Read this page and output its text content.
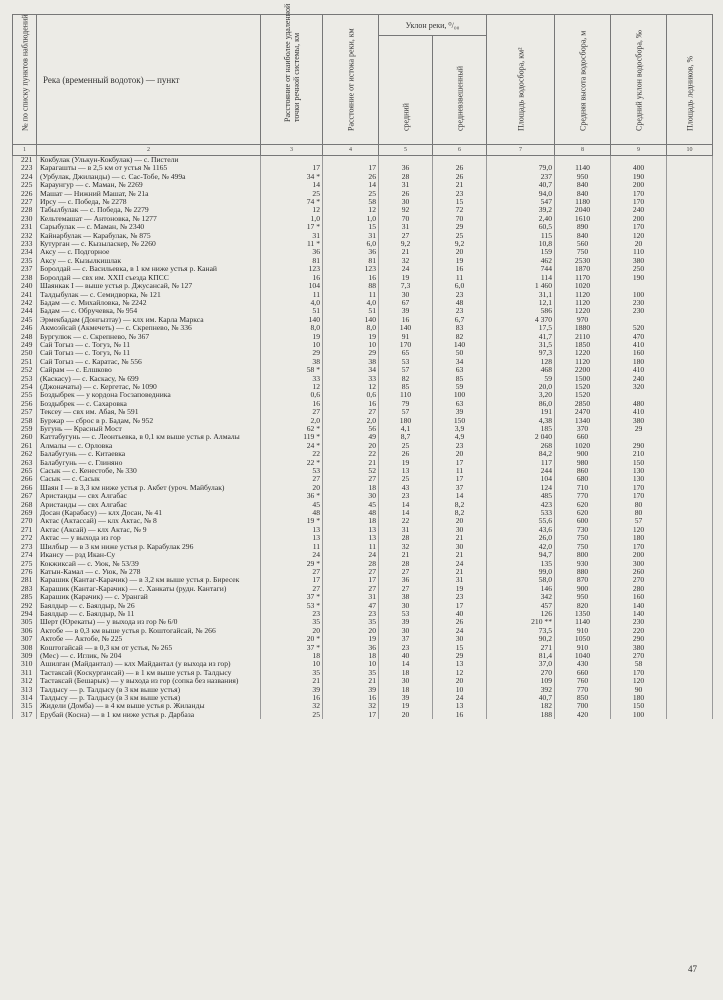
№ по списку пунктов наблюдений	Река (временный водоток) — пункт	Расстояние от наиболее удаленной точки речной системы, км	Расстояние от истока реки, км	Уклон реки, ⁰/₀₀		Площадь водосбора, км²	Средняя высота водосбора, м	Средний уклон водосбора, ‰	Площадь ледников, %

				средний	средневзвешенный				

1	2	3	4	5	6	7	8	9	10
221	Кокбулак (Улькун-Кокбулак) — с. Пистели								
223	Карагашты — в 2,5 км от устья № 1165	17	17	36	26	79,0	1140	400	
224	(Урбулак, Джиланды) — с. Сас-Тобе, № 499а	34 *	26	28	26	237	950	190	
225	Караунгур — с. Маман, № 2269	14	14	31	21	40,7	840	200	
226	Машат — Нижний Машат, № 21а	25	25	26	23	94,0	840	170	
227	Ирсу — с. Победа, № 2278	74 *	58	30	15	547	1180	170	
228	Табылбулак — с. Победа, № 2279	12	12	92	72	39,2	2040	240	
230	Кельтемашат — Антоновка, № 1277	1,0	1,0	70	70	2,40	1610	200	
231	Сарыбулак — с. Маман, № 2340	17 *	15	31	29	60,5	890	170	
232	Кайнарбулак — Карабулак, № 875	31	31	27	25	115	840	120	
233	Кутурган — с. Кызыласкер, № 2260	11 *	6,0	9,2	9,2	10,8	560	20	
234	Аксу — с. Подгорное	36	36	21	20	159	750	110	
235	Аксу — с. Кызылкишлак	81	81	32	19	462	2530	380	
237	Боролдай — с. Васильевка, в 1 км ниже устья р. Канай	123	123	24	16	744	1870	250	
238	Боролдай — свх им. XXII съезда КПСС	16	16	19	11	114	1170	190	
240	Шаянкак I — выше устья р. Джусансай, № 127	104	88	7,3	6,0	1 460	1020		
241	Талдыбулак — с. Семидворка, № 121	11	11	30	23	31,1	1120	100	
242	Бадам — с. Михайловка, № 2242	4,0	4,0	67	48	12,1	1120	230	
244	Бадам — с. Обручевка, № 954	51	51	39	23	586	1220	230	
245	Эрмекбадам (Донгызтау) — клх им. Карла Маркса	140	140	16	6,7	4 370	970		
246	Акмоэйсай (Акмечеть) — с. Скрепнево, № 336	8,0	8,0	140	83	17,5	1880	520	
248	Бургулюк — с. Скрепнево, № 367	19	19	91	82	41,7	2110	470	
249	Сай Тогыз — с. Тогуз, № 11	10	10	170	140	31,5	1850	410	
250	Сай Тогыз — с. Тогуз, № 11	29	29	65	50	97,3	1220	160	
251	Сай Тогыз — с. Каратас, № 556	38	38	53	34	128	1120	180	
252	Сайрам — с. Елшково	58 *	34	57	63	468	2200	410	
253	(Каскасу) — с. Каскасу, № 699	33	33	82	85	59	1500	240	
254	(Джоначаты) — с. Кергетас, № 1090	12	12	85	59	20,0	1520	320	
255	Боздыбрек — у кордона Госзаповедника	0,6	0,6	110	100	3,20	1520		
256	Боздыбрек — с. Сахаровка	16	16	79	63	86,0	2850	480	
257	Тексеу — свх им. Абая, № 591	27	27	57	39	191	2470	410	
258	Буржар — сброс в р. Бадам, № 952	2,0	2,0	180	150	4,38	1340	380	
259	Бугунь — Красный Мост	62 *	56	4,1	3,9	185	370	29	
260	Каттабугунь — с. Леонтьевка, в 0,1 км выше устья р. Алмалы	119 *	49	8,7	4,9	2 040	660		
261	Алмалы — с. Орловка	24 *	20	25	23	268	1020	290	
262	Балабугунь — с. Китаевка	22	22	26	20	84,2	900	210	
263	Балабугунь — с. Глиняно	22 *	21	19	17	117	980	150	
265	Сасык — с. Кенестобе, № 330	53	52	13	11	244	860	130	
266	Сасык — с. Сасык	27	27	25	17	104	680	130	
266	Шаян I — в 3,3 км ниже устья р. Акбет (уроч. Майбулак)	20	18	43	37	124	710	170	
267	Аристанды — свх Алгабас	36 *	30	23	14	485	770	170	
268	Аристанды — свх Алгабас	45	45	14	8,2	423	620	80	
269	Досан (Карабасу) — клх Досан, № 41	48	48	14	8,2	533	620	80	
270	Актас (Актассай) — клх Актас, № 8	19 *	18	22	20	55,6	600	57	
271	Актас (Аксай) — клх Актас, № 9	13	13	31	30	43,6	730	120	
272	Актас — у выхода из гор	13	13	28	21	26,0	750	180	
273	Шилбыр — в 3 км ниже устья р. Карабулак 296	11	11	32	30	42,0	750	170	
274	Икансу — рзд Икан-Су	24	24	21	21	94,7	800	200	
275	Кокжиксай — с. Уюк, № 53/39	29 *	28	28	24	135	930	300	
276	Катын-Камал — с. Уюк, № 278	27	27	27	21	99,0	880	260	
281	Карашик (Кантаг-Карачик) — в 3,2 км выше устья р. Биресек	17	17	36	31	58,0	870	270	
283	Карашик (Кантаг-Карачик) — с. Ханкаты (рудн. Кантаги)	27	27	27	19	146	900	280	
285	Карашик (Карачик) — с. Урангай	37 *	31	38	23	342	950	160	
292	Баялдыр — с. Баялдыр, № 26	53 *	47	30	17	457	820	140	
294	Баялдыр — с. Баялдыр, № 11	23	23	53	40	126	1350	140	
305	Шерт (Юрекаты) — у выхода из гор № 6/0	35	35	39	26	210 **	1140	230	
306	Актобе — в 0,3 км выше устья р. Коштогайсай, № 266	20	20	30	24	73,5	910	220	
307	Актобе — Актобе, № 225	20 *	19	37	30	90,2	1050	290	
308	Коштогайсай — в 0,3 км от устья, № 265	37 *	36	23	15	271	910	380	
309	(Мес) — с. Иглик, № 204	18	18	40	29	81,4	1040	270	
310	Ашилган (Майдантал) — клх Майдантал (у выхода из гор)	10	10	14	13	37,0	430	58	
311	Тастаксай (Коскургансай) — в 1 км выше устья р. Талдысу	35	35	18	12	270	660	170	
312	Тастаксай (Бешарык) — у выхода из гор (сопка без названия)	21	21	30	20	109	760	120	
313	Талдысу — р. Талдысу (в 3 км выше устья)	39	39	18	10	392	770	90	
314	Талдысу — р. Талдысу (в 3 км выше устья)	16	16	39	24	40,7	850	180	
315	Жидели (Домба) — в 4 км выше устья р. Жиланды	32	32	19	13	182	700	150	
317	Ерубай (Косна) — в 1 км ниже устья р. Дарбаза	25	17	20	16	188	420	100	
47
